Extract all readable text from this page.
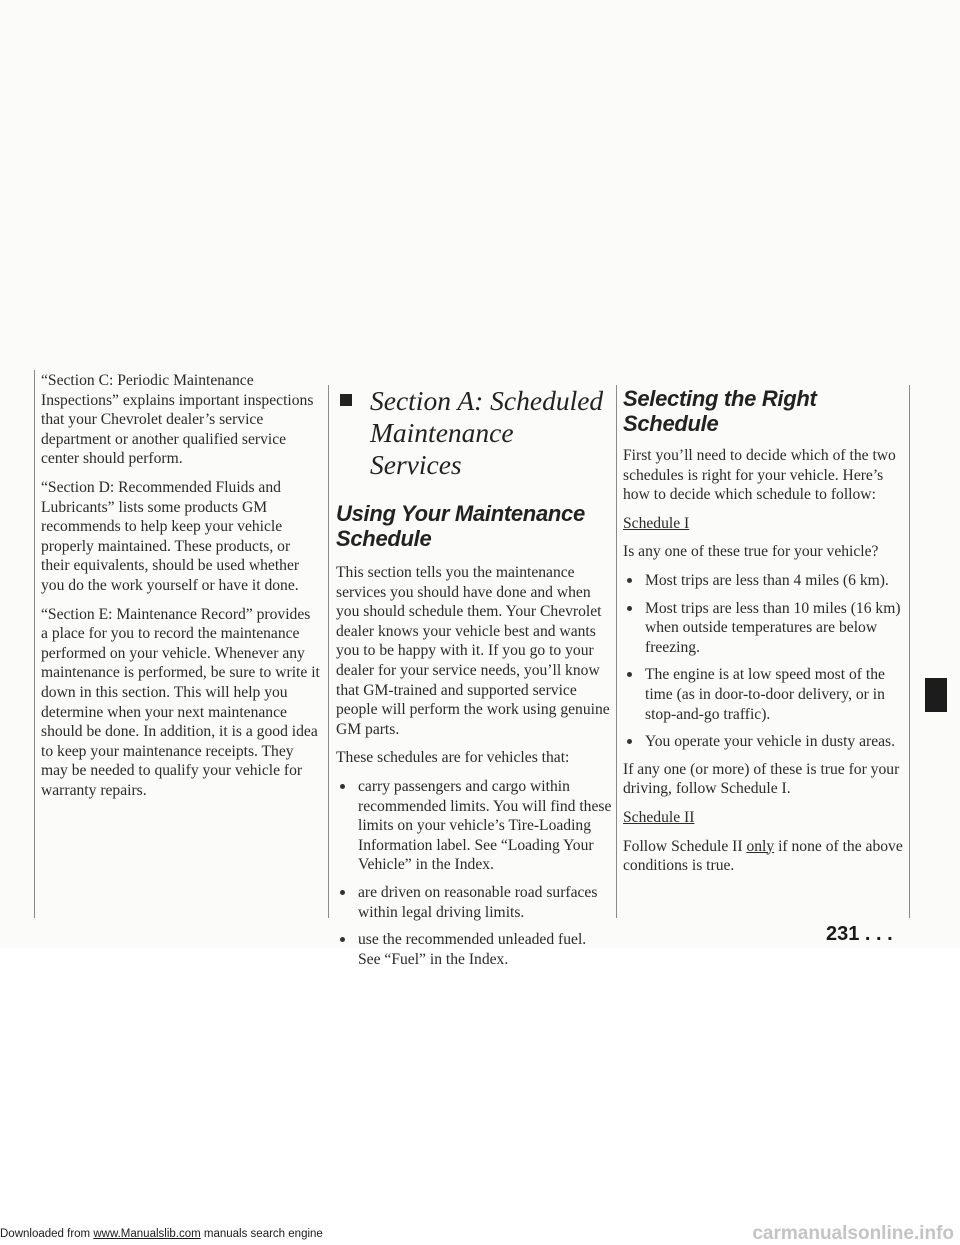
“Section C: Periodic Maintenance Inspections” explains important inspections that your Chevrolet dealer’s service department or another qualified service center should perform.

“Section D: Recommended Fluids and Lubricants” lists some products GM recommends to help keep your vehicle properly maintained. These products, or their equivalents, should be used whether you do the work yourself or have it done.

“Section E: Maintenance Record” provides a place for you to record the maintenance performed on your vehicle. Whenever any maintenance is performed, be sure to write it down in this section. This will help you determine when your next maintenance should be done. In addition, it is a good idea to keep your maintenance receipts. They may be needed to qualify your vehicle for warranty repairs.

Section A: Scheduled Maintenance Services
Using Your Maintenance Schedule

This section tells you the maintenance services you should have done and when you should schedule them. Your Chevrolet dealer knows your vehicle best and wants you to be happy with it. If you go to your dealer for your service needs, you’ll know that GM-trained and supported service people will perform the work using genuine GM parts.

These schedules are for vehicles that:

carry passengers and cargo within recommended limits. You will find these limits on your vehicle’s Tire-Loading Information label. See “Loading Your Vehicle” in the Index.
are driven on reasonable road surfaces within legal driving limits.
use the recommended unleaded fuel. See “Fuel” in the Index.
Selecting the Right Schedule

First you’ll need to decide which of the two schedules is right for your vehicle. Here’s how to decide which schedule to follow:

Schedule I

Is any one of these true for your vehicle?

Most trips are less than 4 miles (6 km).
Most trips are less than 10 miles (16 km) when outside temperatures are below freezing.
The engine is at low speed most of the time (as in door-to-door delivery, or in stop-and-go traffic).
You operate your vehicle in dusty areas.

If any one (or more) of these is true for your driving, follow Schedule I.

Schedule II

Follow Schedule II only if none of the above conditions is true.

231 . . .
Downloaded from www.Manualslib.com manuals search engine	carmanualsonline.info
